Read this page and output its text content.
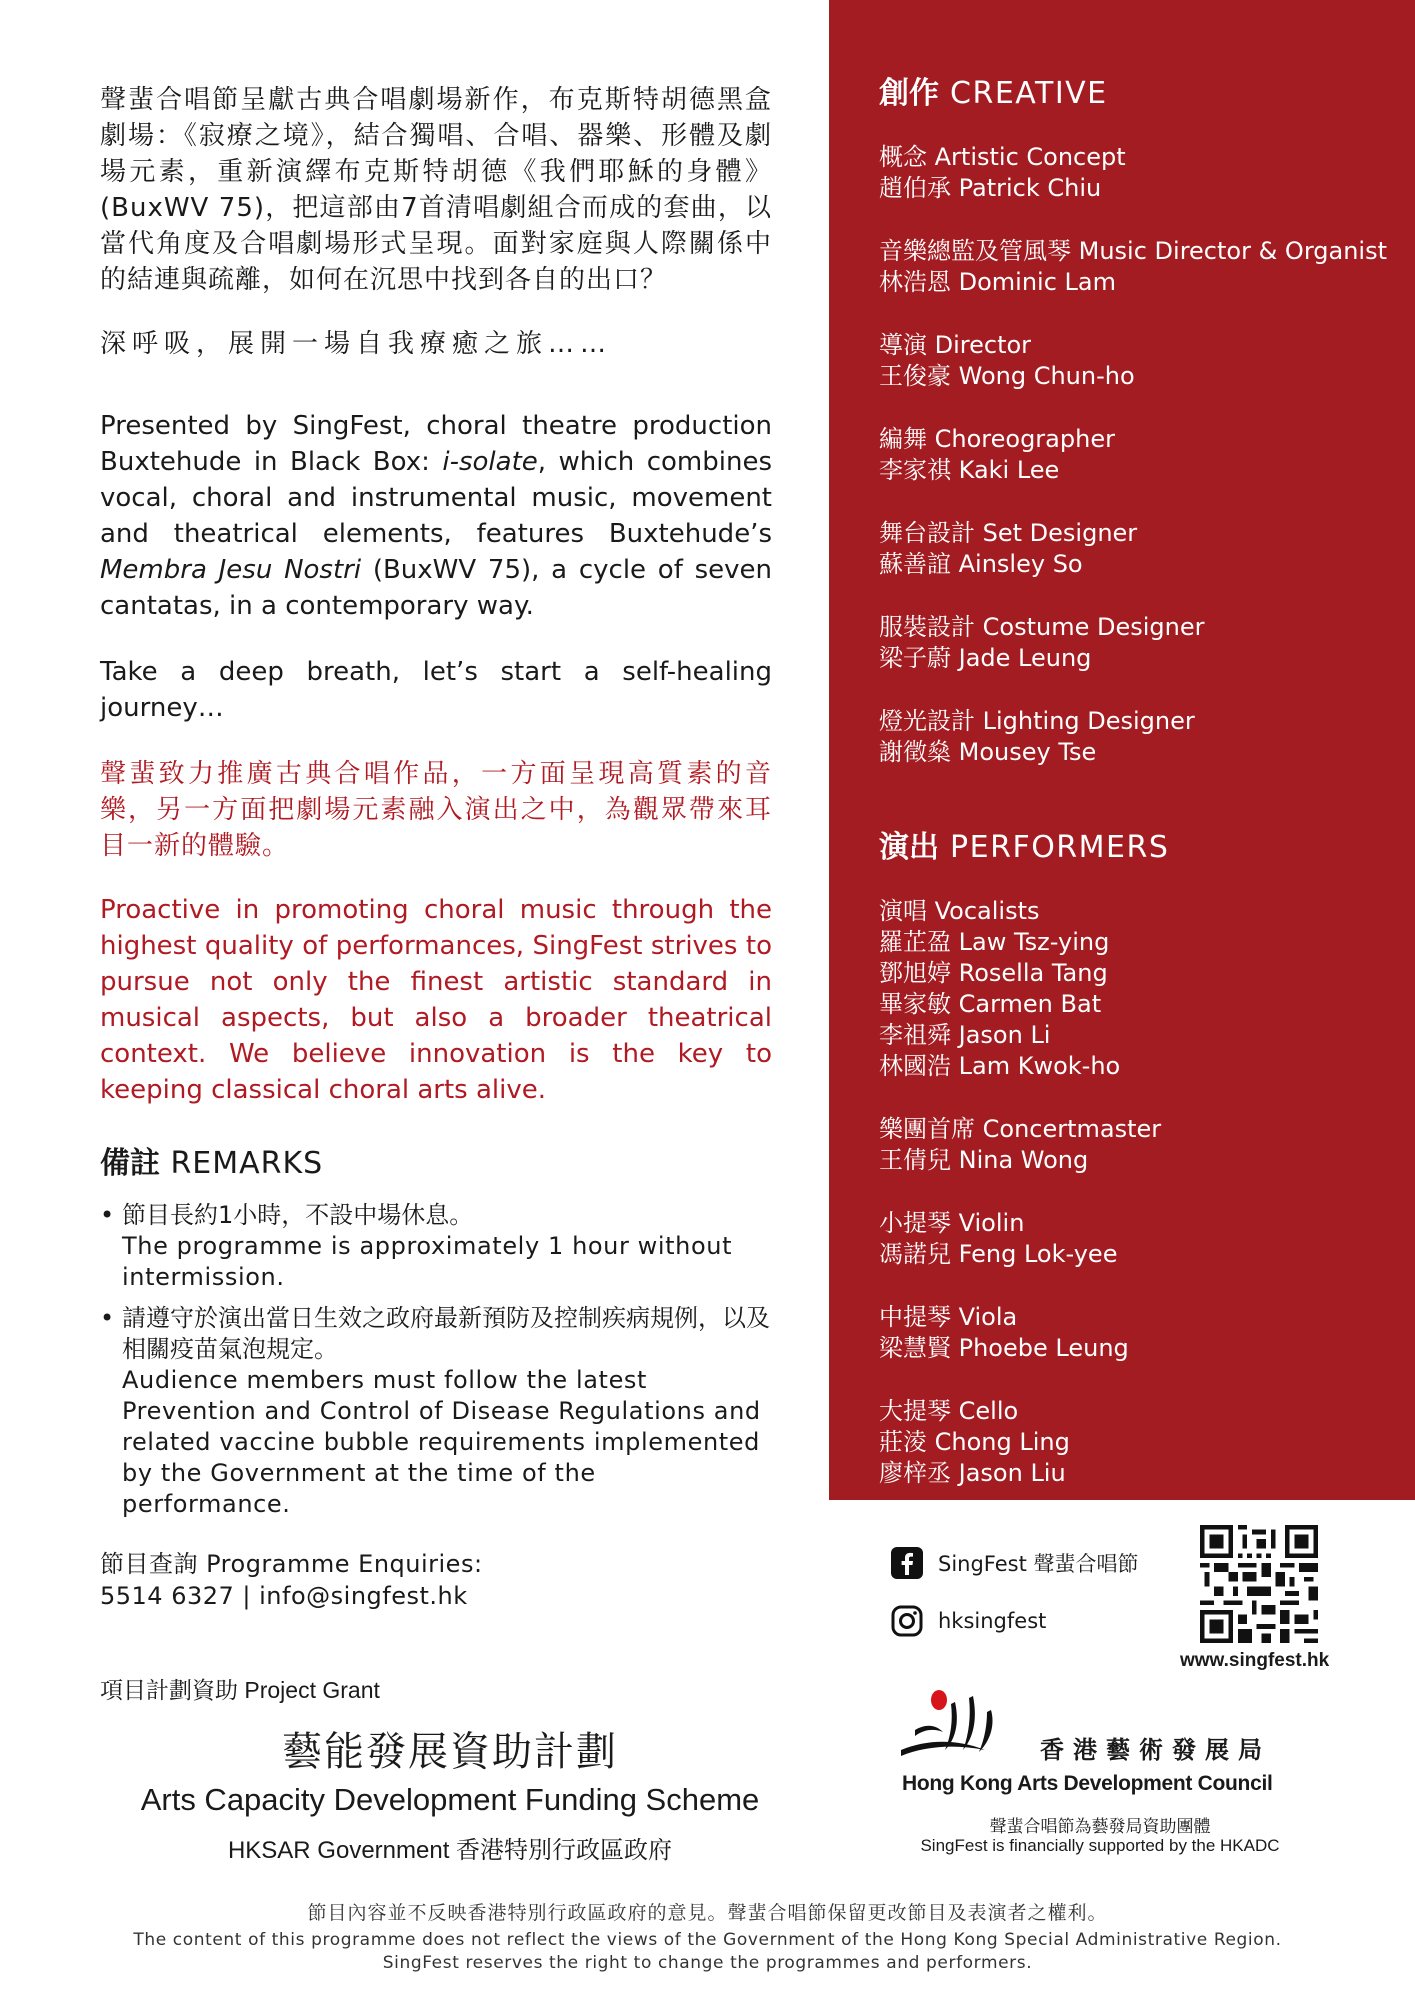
聲蜚合唱節呈獻古典合唱劇場新作，布克斯特胡德黑盒劇場：《寂療之境》，結合獨唱、合唱、器樂、形體及劇場元素，重新演繹布克斯特胡德《我們耶穌的身體》(BuxWV 75)，把這部由7首清唱劇組合而成的套曲，以當代角度及合唱劇場形式呈現。面對家庭與人際關係中的結連與疏離，如何在沉思中找到各自的出口？

深呼吸，展開一場自我療癒之旅……

Presented by SingFest, choral theatre production Buxtehude in Black Box: i-solate, which combines vocal, choral and instrumental music, movement and theatrical elements, features Buxtehude’s Membra Jesu Nostri (BuxWV 75), a cycle of seven cantatas, in a contemporary way.

Take a deep breath, let’s start a self-healing journey…

聲蜚致力推廣古典合唱作品，一方面呈現高質素的音樂，另一方面把劇場元素融入演出之中，為觀眾帶來耳目一新的體驗。

Proactive in promoting choral music through the highest quality of performances, SingFest strives to pursue not only the finest artistic standard in musical aspects, but also a broader theatrical context. We believe innovation is the key to keeping classical choral arts alive.

備註 REMARKS
• 節目長約1小時，不設中場休息。
The programme is approximately 1 hour without intermission.
• 請遵守於演出當日生效之政府最新預防及控制疾病規例，以及相關疫苗氣泡規定。
Audience members must follow the latest Prevention and Control of Disease Regulations and related vaccine bubble requirements implemented by the Government at the time of the performance.
節目查詢 Programme Enquiries:
5514 6327 | info@singfest.hk
項目計劃資助 Project Grant
藝能發展資助計劃
Arts Capacity Development Funding Scheme
HKSAR Government 香港特別行政區政府
創作 CREATIVE
概念 Artistic Concept
趙伯承 Patrick Chiu
音樂總監及管風琴 Music Director & Organist
林浩恩 Dominic Lam
導演 Director
王俊豪 Wong Chun-ho
編舞 Choreographer
李家祺 Kaki Lee
舞台設計 Set Designer
蘇善誼 Ainsley So
服裝設計 Costume Designer
梁子蔚 Jade Leung
燈光設計 Lighting Designer
謝徵燊 Mousey Tse
演出 PERFORMERS
演唱 Vocalists
羅芷盈 Law Tsz-ying
鄧旭婷 Rosella Tang
畢家敏 Carmen Bat
李祖舜 Jason Li
林國浩 Lam Kwok-ho
樂團首席 Concertmaster
王倩兒 Nina Wong
小提琴 Violin
馮諾兒 Feng Lok-yee
中提琴 Viola
梁慧賢 Phoebe Leung
大提琴 Cello
莊淩 Chong Ling
廖梓丞 Jason Liu
SingFest 聲蜚合唱節
hksingfest
www.singfest.hk
香港藝術發展局
Hong Kong Arts Development Council
聲蜚合唱節為藝發局資助團體
SingFest is financially supported by the HKADC
節目內容並不反映香港特別行政區政府的意見。聲蜚合唱節保留更改節目及表演者之權利。
The content of this programme does not reflect the views of the Government of the Hong Kong Special Administrative Region.
SingFest reserves the right to change the programmes and performers.
